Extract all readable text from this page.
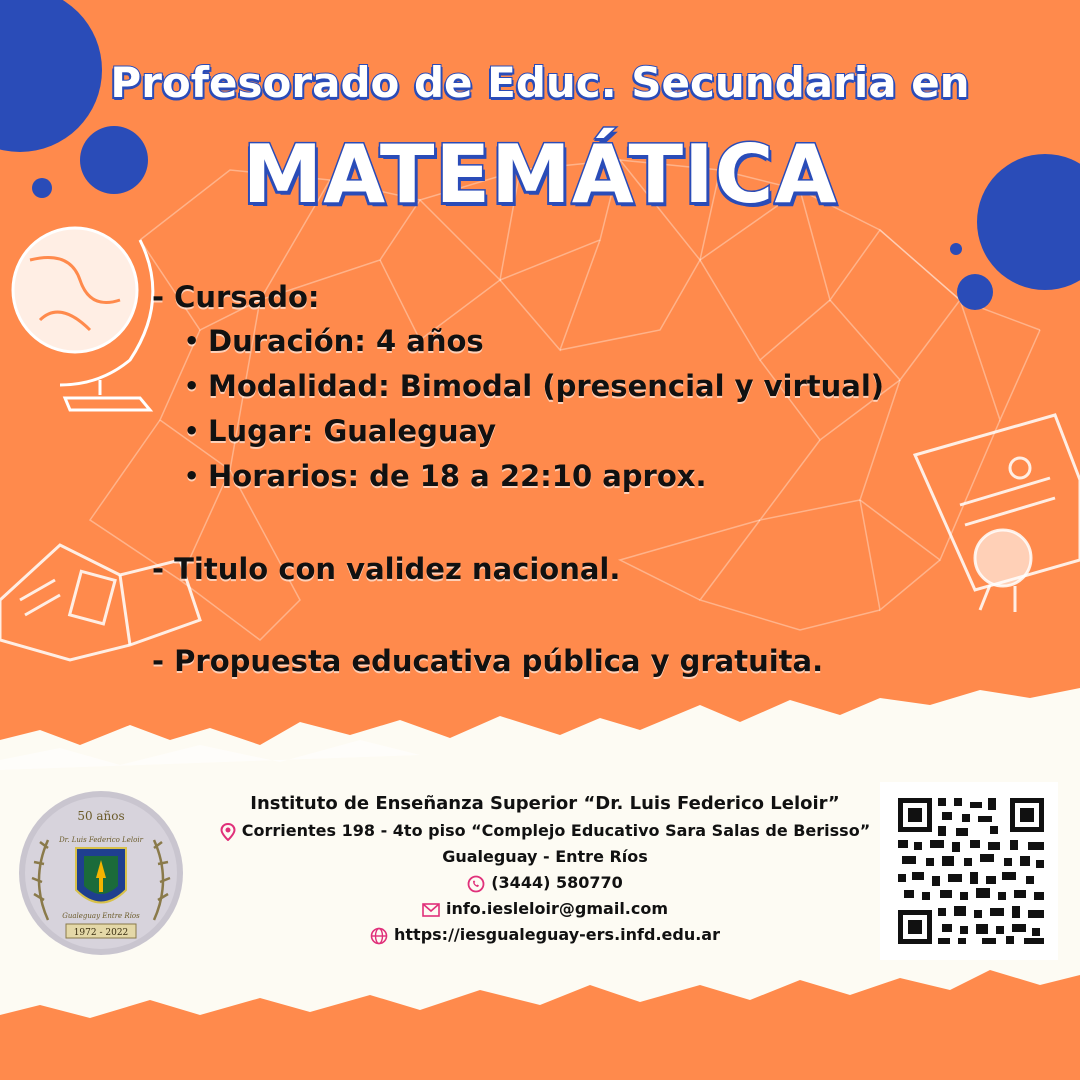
Profesorado de Educ. Secundaria en
MATEMÁTICA
- Cursado:
• Duración: 4 años
• Modalidad: Bimodal (presencial y virtual)
• Lugar: Gualeguay
• Horarios: de 18 a 22:10 aprox.
- Titulo con validez nacional.
- Propuesta educativa pública y gratuita.
50 años
Dr. Luis Federico Leloir
Gualeguay Entre Ríos
1972 - 2022
Instituto de Enseñanza Superior “Dr. Luis Federico Leloir”
Corrientes 198 - 4to piso “Complejo Educativo Sara Salas de Berisso”
Gualeguay - Entre Ríos
(3444) 580770
info.iesleloir@gmail.com
https://iesgualeguay-ers.infd.edu.ar
